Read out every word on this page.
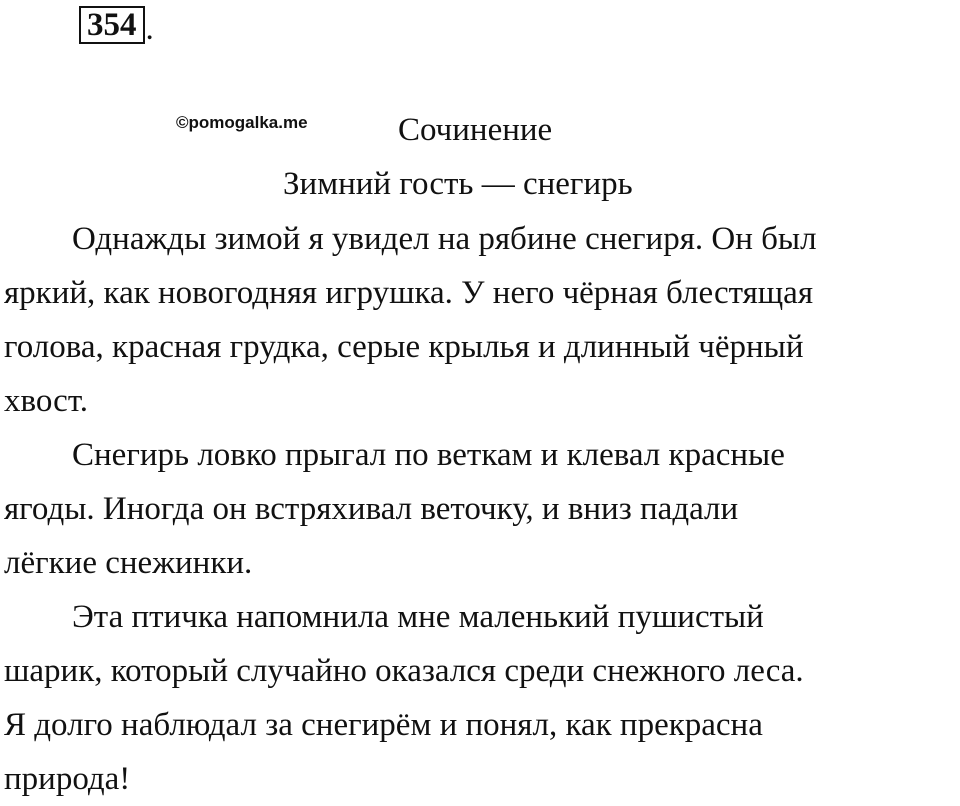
354 .
©pomogalka.me	Сочинение
Зимний гость — снегирь
Однажды зимой я увидел на рябине снегиря. Он был
яркий, как новогодняя игрушка. У него чёрная блестящая
голова, красная грудка, серые крылья и длинный чёрный
хвост.
Снегирь ловко прыгал по веткам и клевал красные
ягоды. Иногда он встряхивал веточку, и вниз падали
лёгкие снежинки.
Эта птичка напомнила мне маленький пушистый
шарик, который случайно оказался среди снежного леса.
Я долго наблюдал за снегирём и понял, как прекрасна
природа!
